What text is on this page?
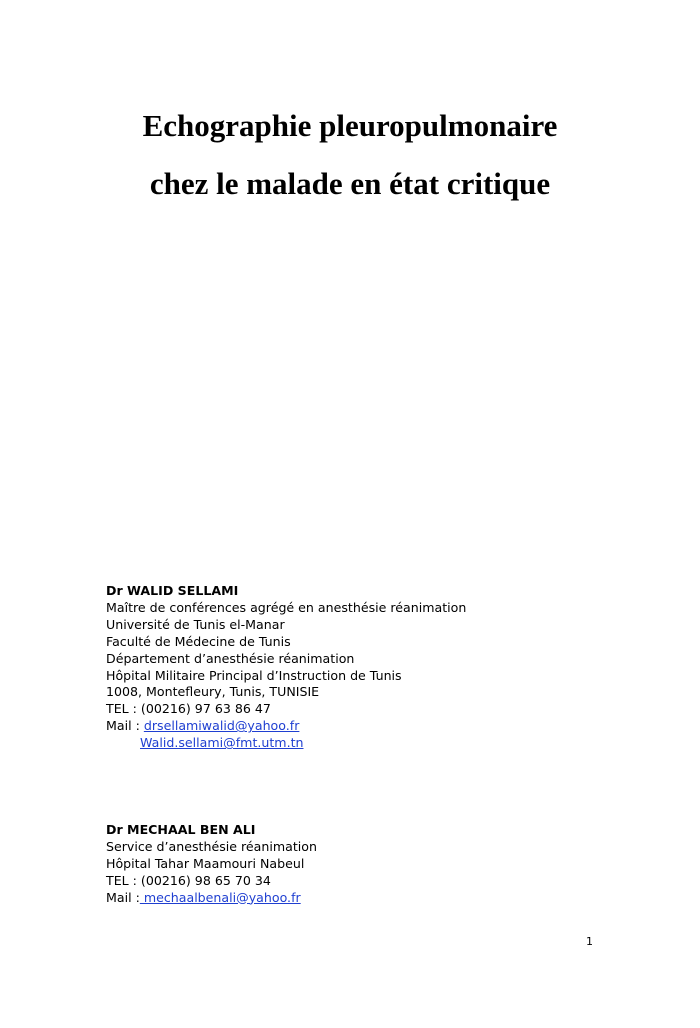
Echographie pleuropulmonaire
chez le malade en état critique
Dr WALID SELLAMI
Maître de conférences agrégé en anesthésie réanimation
Université de Tunis el-Manar
Faculté de Médecine de Tunis
Département d’anesthésie réanimation
Hôpital Militaire Principal d’Instruction de Tunis
1008, Montefleury, Tunis, TUNISIE
TEL : (00216) 97 63 86 47
Mail : drsellamiwalid@yahoo.fr
Walid.sellami@fmt.utm.tn
Dr MECHAAL BEN ALI
Service d’anesthésie réanimation
Hôpital Tahar Maamouri Nabeul
TEL : (00216) 98 65 70 34
Mail : mechaalbenali@yahoo.fr
1
